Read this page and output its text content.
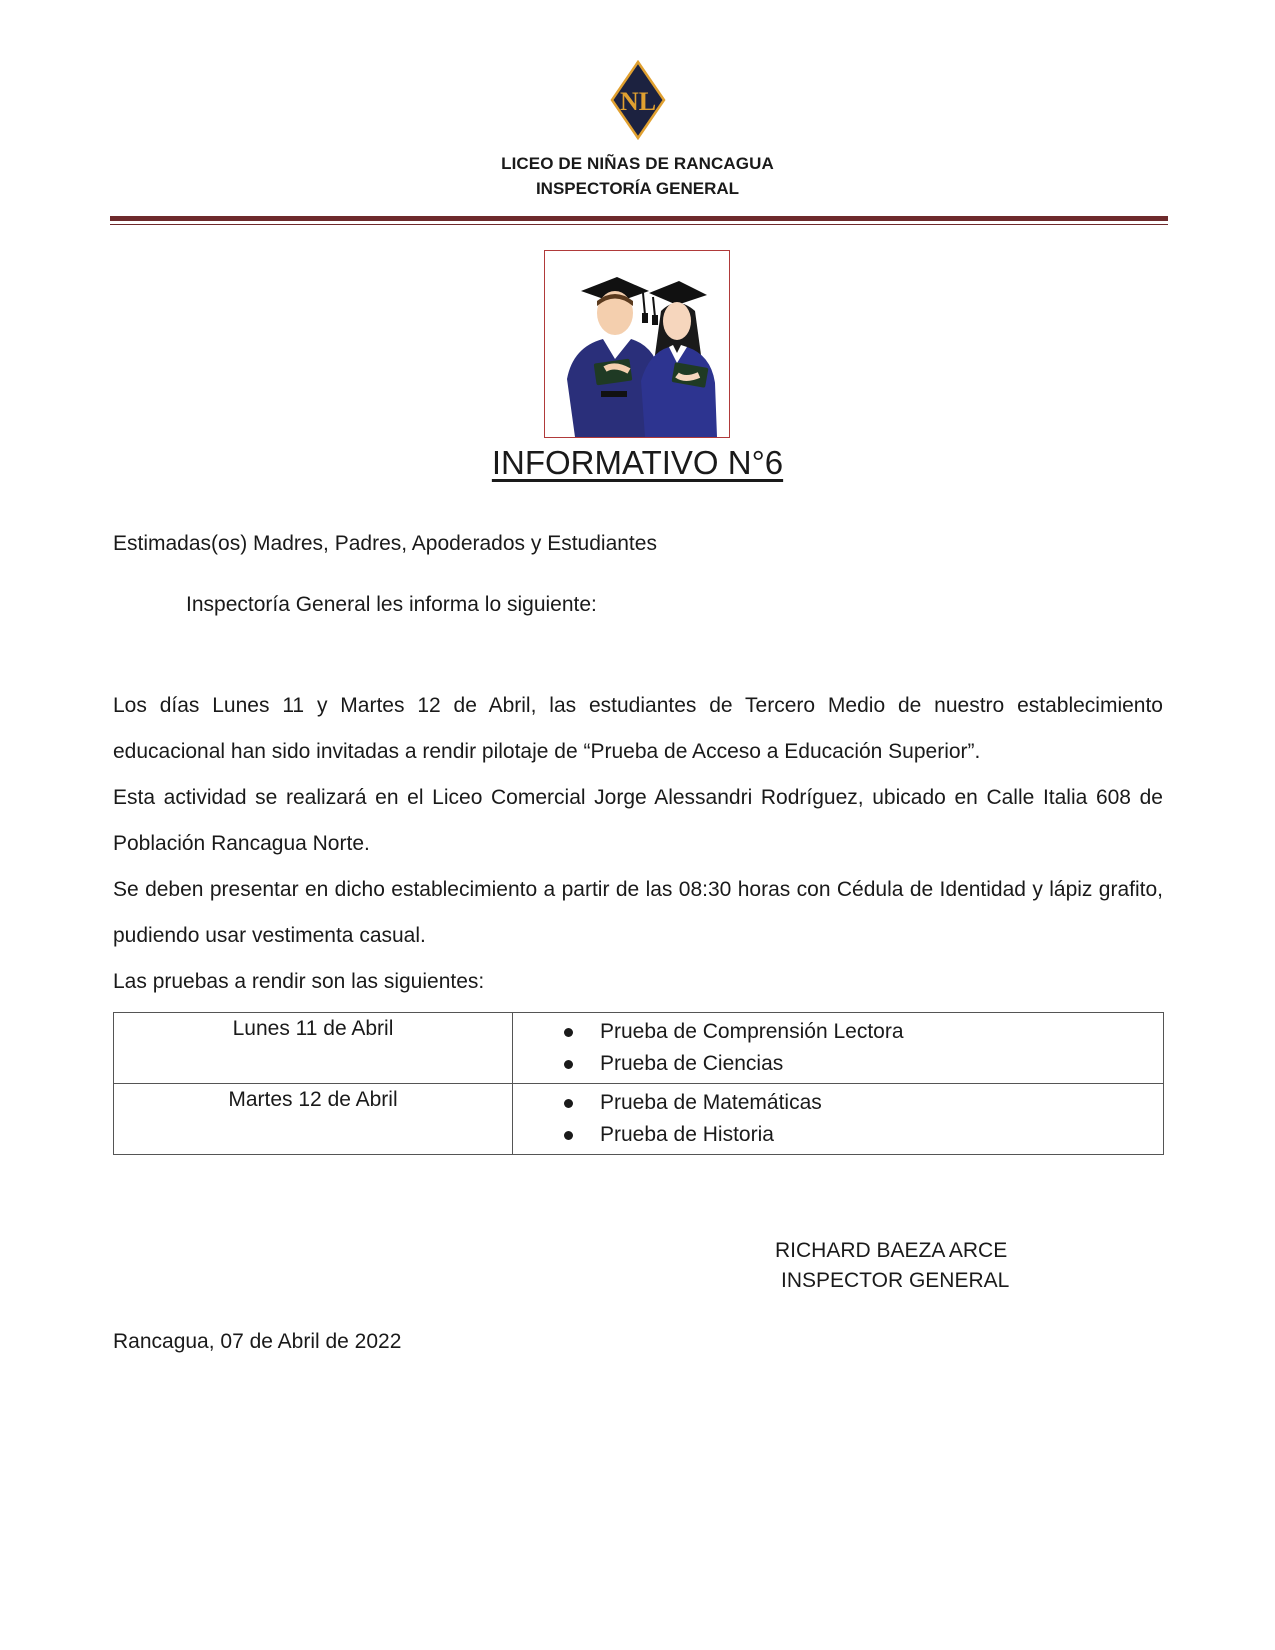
NL
LICEO DE NIÑAS DE RANCAGUA
INSPECTORÍA GENERAL
INFORMATIVO N°6
Estimadas(os) Madres, Padres, Apoderados y Estudiantes
Inspectoría General les informa lo siguiente:

Los días Lunes 11 y Martes 12 de Abril, las estudiantes de Tercero Medio de nuestro establecimiento educacional han sido invitadas a rendir pilotaje de “Prueba de Acceso a Educación Superior”.

Esta actividad se realizará en el Liceo Comercial Jorge Alessandri Rodríguez, ubicado en Calle Italia 608 de Población Rancagua Norte.

Se deben presentar en dicho establecimiento a partir de las 08:30 horas con Cédula de Identidad y lápiz grafito, pudiendo usar vestimenta casual.

Las pruebas a rendir son las siguientes:

Lunes 11 de Abril	Prueba de Comprensión Lectora
Prueba de Ciencias

Martes 12 de Abril	Prueba de Matemáticas
Prueba de Historia
RICHARD BAEZA ARCE
INSPECTOR GENERAL
Rancagua, 07 de Abril de 2022
